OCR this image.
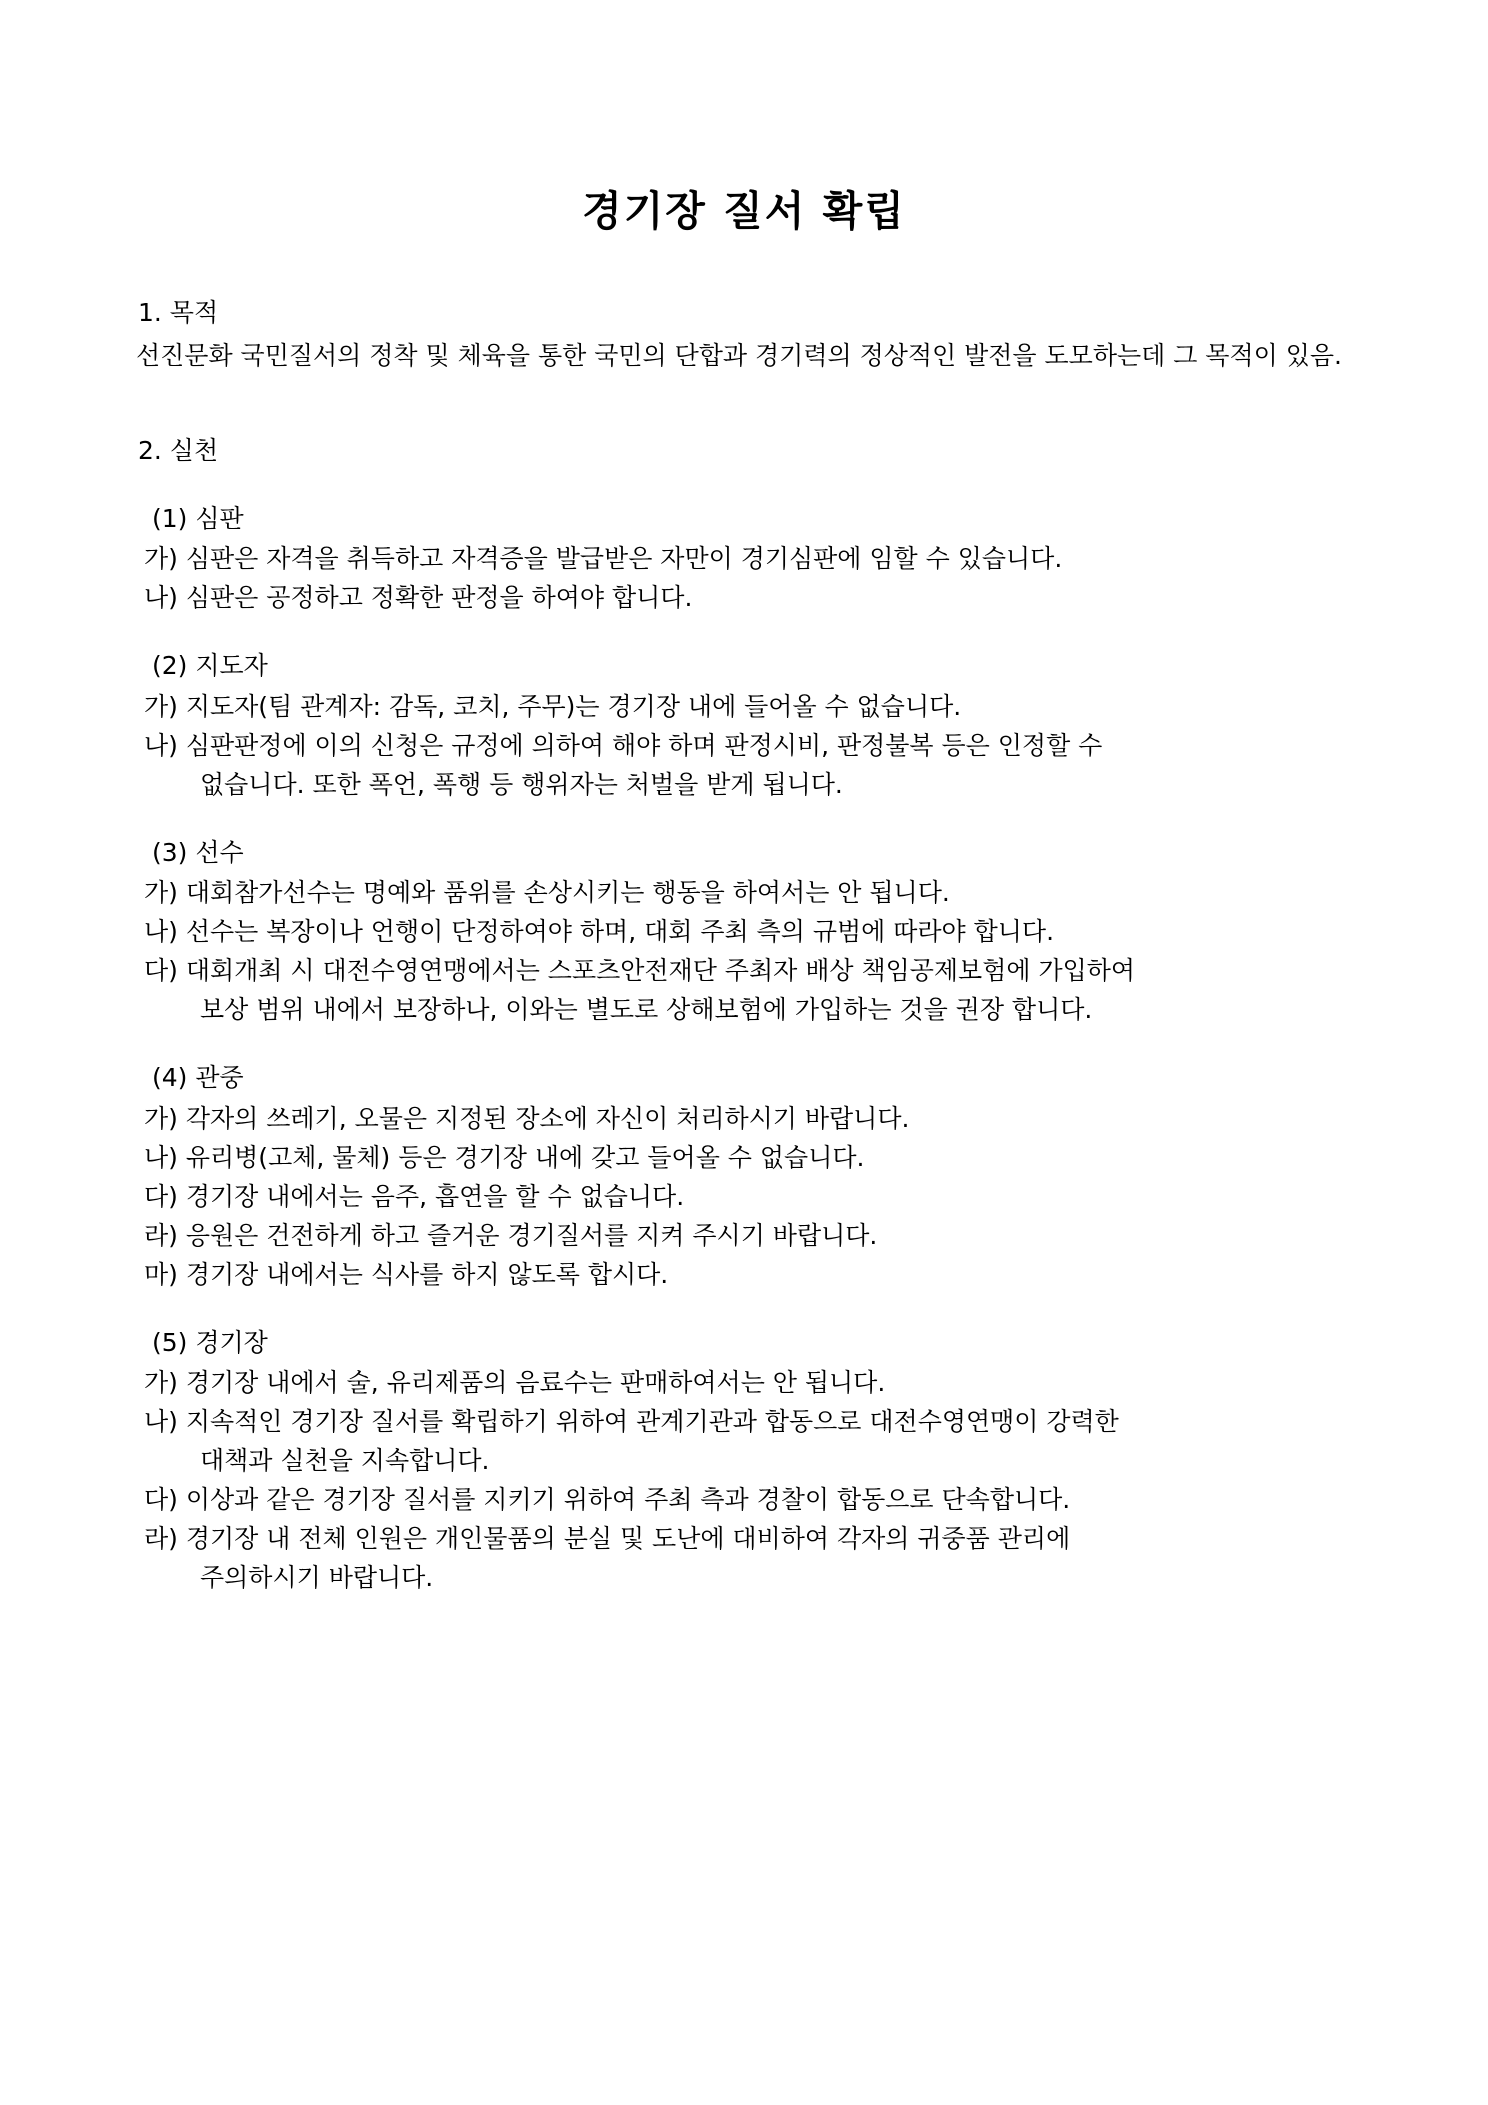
경기장 질서 확립
1. 목적

선진문화 국민질서의 정착 및 체육을 통한 국민의 단합과 경기력의 정상적인 발전을 도모하는데 그 목적이 있음.

2. 실천
(1) 심판

가) 심판은 자격을 취득하고 자격증을 발급받은 자만이 경기심판에 임할 수 있습니다.

나) 심판은 공정하고 정확한 판정을 하여야 합니다.

(2) 지도자

가) 지도자(팀 관계자: 감독, 코치, 주무)는 경기장 내에 들어올 수 없습니다.

나) 심판판정에 이의 신청은 규정에 의하여 해야 하며 판정시비, 판정불복 등은 인정할 수
없습니다. 또한 폭언, 폭행 등 행위자는 처벌을 받게 됩니다.

(3) 선수

가) 대회참가선수는 명예와 품위를 손상시키는 행동을 하여서는 안 됩니다.

나) 선수는 복장이나 언행이 단정하여야 하며, 대회 주최 측의 규범에 따라야 합니다.

다) 대회개최 시 대전수영연맹에서는 스포츠안전재단 주최자 배상 책임공제보험에 가입하여
보상 범위 내에서 보장하나, 이와는 별도로 상해보험에 가입하는 것을 권장 합니다.

(4) 관중

가) 각자의 쓰레기, 오물은 지정된 장소에 자신이 처리하시기 바랍니다.

나) 유리병(고체, 물체) 등은 경기장 내에 갖고 들어올 수 없습니다.

다) 경기장 내에서는 음주, 흡연을 할 수 없습니다.

라) 응원은 건전하게 하고 즐거운 경기질서를 지켜 주시기 바랍니다.

마) 경기장 내에서는 식사를 하지 않도록 합시다.

(5) 경기장

가) 경기장 내에서 술, 유리제품의 음료수는 판매하여서는 안 됩니다.

나) 지속적인 경기장 질서를 확립하기 위하여 관계기관과 합동으로 대전수영연맹이 강력한
대책과 실천을 지속합니다.

다) 이상과 같은 경기장 질서를 지키기 위하여 주최 측과 경찰이 합동으로 단속합니다.

라) 경기장 내 전체 인원은 개인물품의 분실 및 도난에 대비하여 각자의 귀중품 관리에
주의하시기 바랍니다.
